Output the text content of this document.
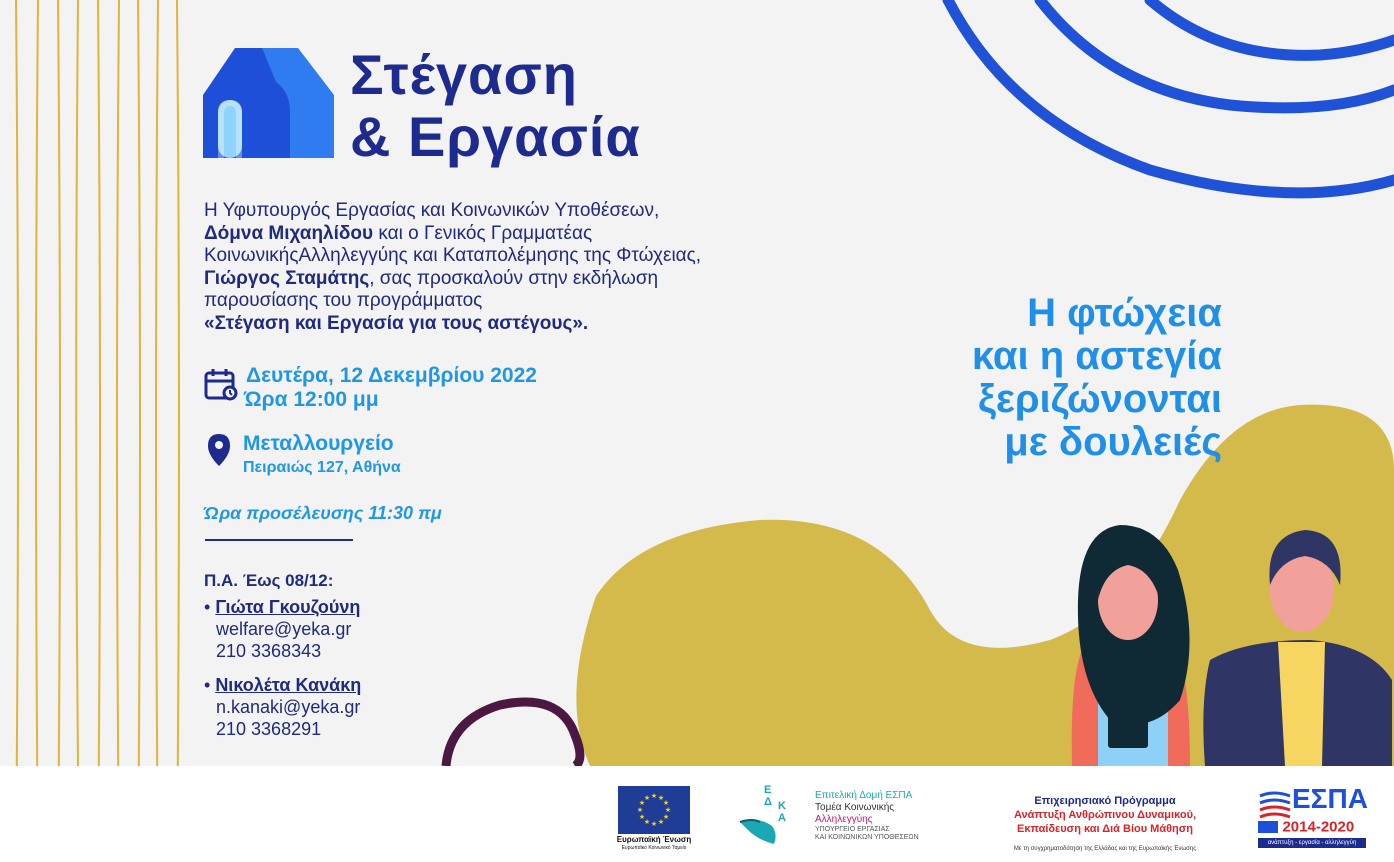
Στέγαση
& Εργασία
Η Υφυπουργός Εργασίας και Κοινωνικών Υποθέσεων,
Δόμνα Μιχαηλίδου και ο Γενικός Γραμματέας
ΚοινωνικήςΑλληλεγγύης και Καταπολέμησης της Φτώχειας,
Γιώργος Σταμάτης, σας προσκαλούν στην εκδήλωση
παρουσίασης του προγράμματος
«Στέγαση και Εργασία για τους αστέγους».
Δευτέρα, 12 Δεκεμβρίου 2022
Ώρα 12:00 μμ
Μεταλλουργείο
Πειραιώς 127, Αθήνα
Ώρα προσέλευσης 11:30 πμ
Π.Α. Έως 08/12:
• Γιώτα Γκουζούνη
welfare@yeka.gr
210 3368343
• Νικολέτα Κανάκη
n.kanaki@yeka.gr
210 3368291
Η φτώχεια
και η αστεγία
ξεριζώνονται
με δουλειές
★ ★
★
★
★
★
★
★
★
★
★
★
Ευρωπαϊκή Ένωση
Ευρωπαϊκό Κοινωνικό Ταμείο
Ε
Δ Κ
Α
Επιτελική Δομή ΕΣΠΑ
Τομέα Κοινωνικής
Αλληλεγγύης
ΥΠΟΥΡΓΕΙΟ ΕΡΓΑΣΙΑΣ
ΚΑΙ ΚΟΙΝΩΝΙΚΩΝ ΥΠΟΘΕΣΕΩΝ
Επιχειρησιακό Πρόγραμμα
Ανάπτυξη Ανθρώπινου Δυναμικού,
Εκπαίδευση και Διά Βίου Μάθηση
Με τη συγχρηματοδότηση της Ελλάδας και της Ευρωπαϊκής Ένωσης
ΕΣΠΑ
2014-2020
ανάπτυξη - εργασία - αλληλεγγύη
